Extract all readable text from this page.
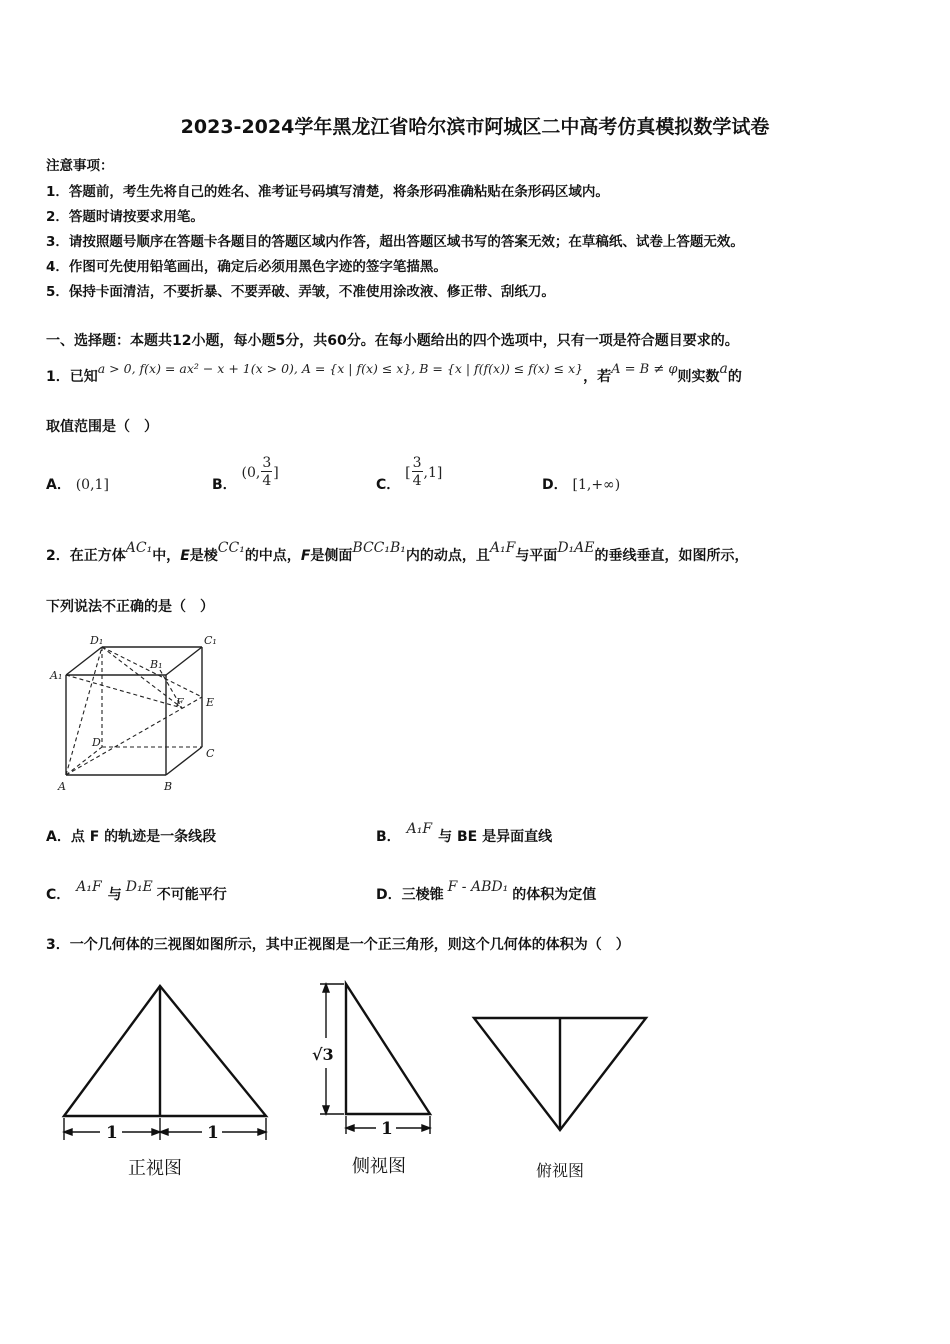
2023-2024学年黑龙江省哈尔滨市阿城区二中高考仿真模拟数学试卷
注意事项：
1．答题前，考生先将自己的姓名、准考证号码填写清楚，将条形码准确粘贴在条形码区域内。
2．答题时请按要求用笔。
3．请按照题号顺序在答题卡各题目的答题区域内作答，超出答题区域书写的答案无效；在草稿纸、试卷上答题无效。
4．作图可先使用铅笔画出，确定后必须用黑色字迹的签字笔描黑。
5．保持卡面清洁，不要折暴、不要弄破、弄皱，不准使用涂改液、修正带、刮纸刀。
一、选择题：本题共12小题，每小题5分，共60分。在每小题给出的四个选项中，只有一项是符合题目要求的。
1．已知a > 0, f(x) = ax² − x + 1(x > 0), A = {x | f(x) ≤ x}, B = {x | f(f(x)) ≤ f(x) ≤ x}，若A = B ≠ φ则实数a的
取值范围是（　）
A． (0,1]	B．
(0, $\frac{3}{4}$ ]
C．
[ $\frac{3}{4} ,1$]
D． [1,+∞)
2．在正方体AC₁中，E是棱CC₁的中点，F是侧面BCC₁B₁内的动点，且A₁F与平面D₁AE的垂线垂直，如图所示，
下列说法不正确的是（　）
D₁	C₁
A₁
B₁
F E
D
C
A	B
A．点 F 的轨迹是一条线段	B． A₁F 与 BE 是异面直线
C． A₁F 与 D₁E 不可能平行	D．三棱锥 F - ABD₁ 的体积为定值
3．一个几何体的三视图如图所示，其中正视图是一个正三角形，则这个几何体的体积为（　）
1	1
正视图
√3
1
侧视图	俯视图
